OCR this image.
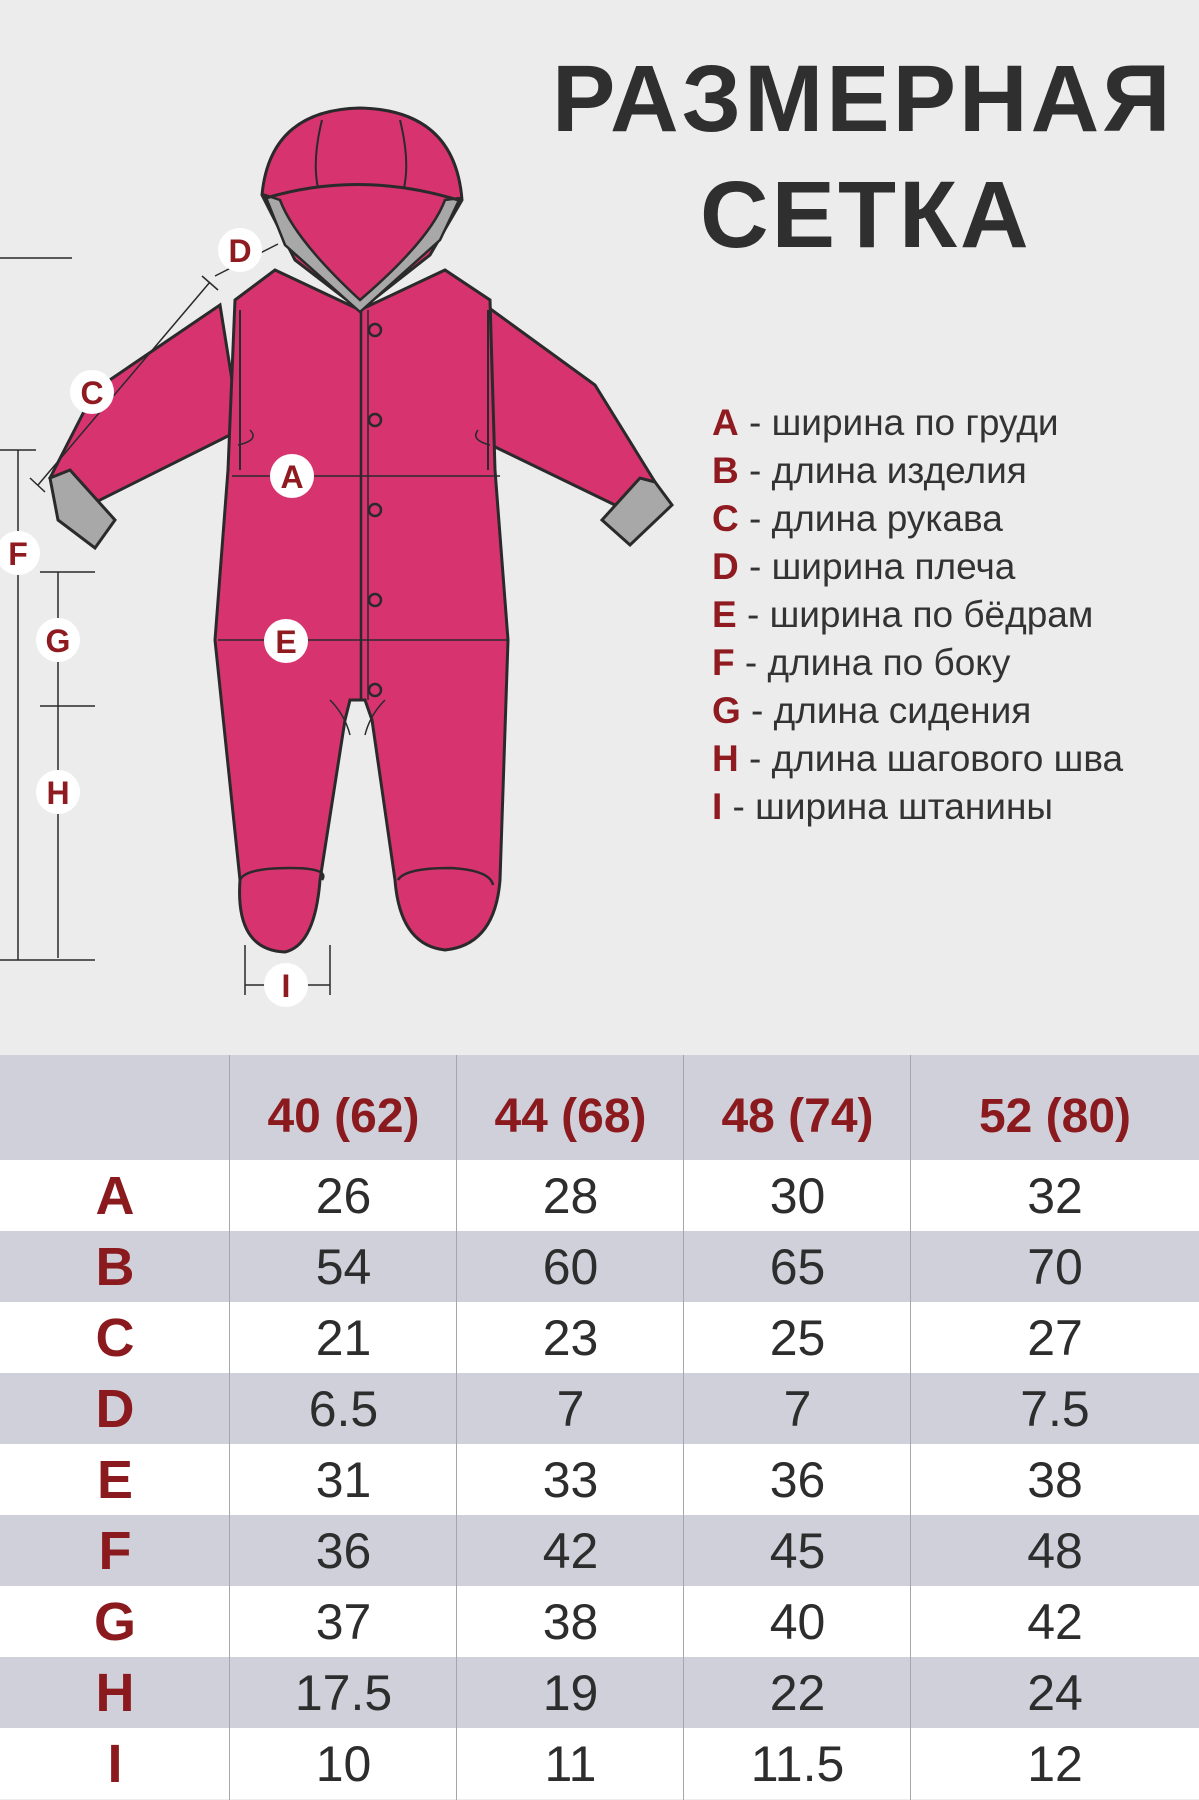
A
C
D
E
F
G
H
I
РАЗМЕРНАЯ
СЕТКА
A - ширина по груди
B - длина изделия
C - длина рукава
D - ширина плеча
E - ширина по бёдрам
F - длина по боку
G - длина сидения
H - длина шагового шва
I - ширина штанины
	40 (62)	44 (68)	48 (74)	52 (80)
A	26	28	30	32
B	54	60	65	70
C	21	23	25	27
D	6.5	7	7	7.5
E	31	33	36	38
F	36	42	45	48
G	37	38	40	42
H	17.5	19	22	24
I	10	11	11.5	12
